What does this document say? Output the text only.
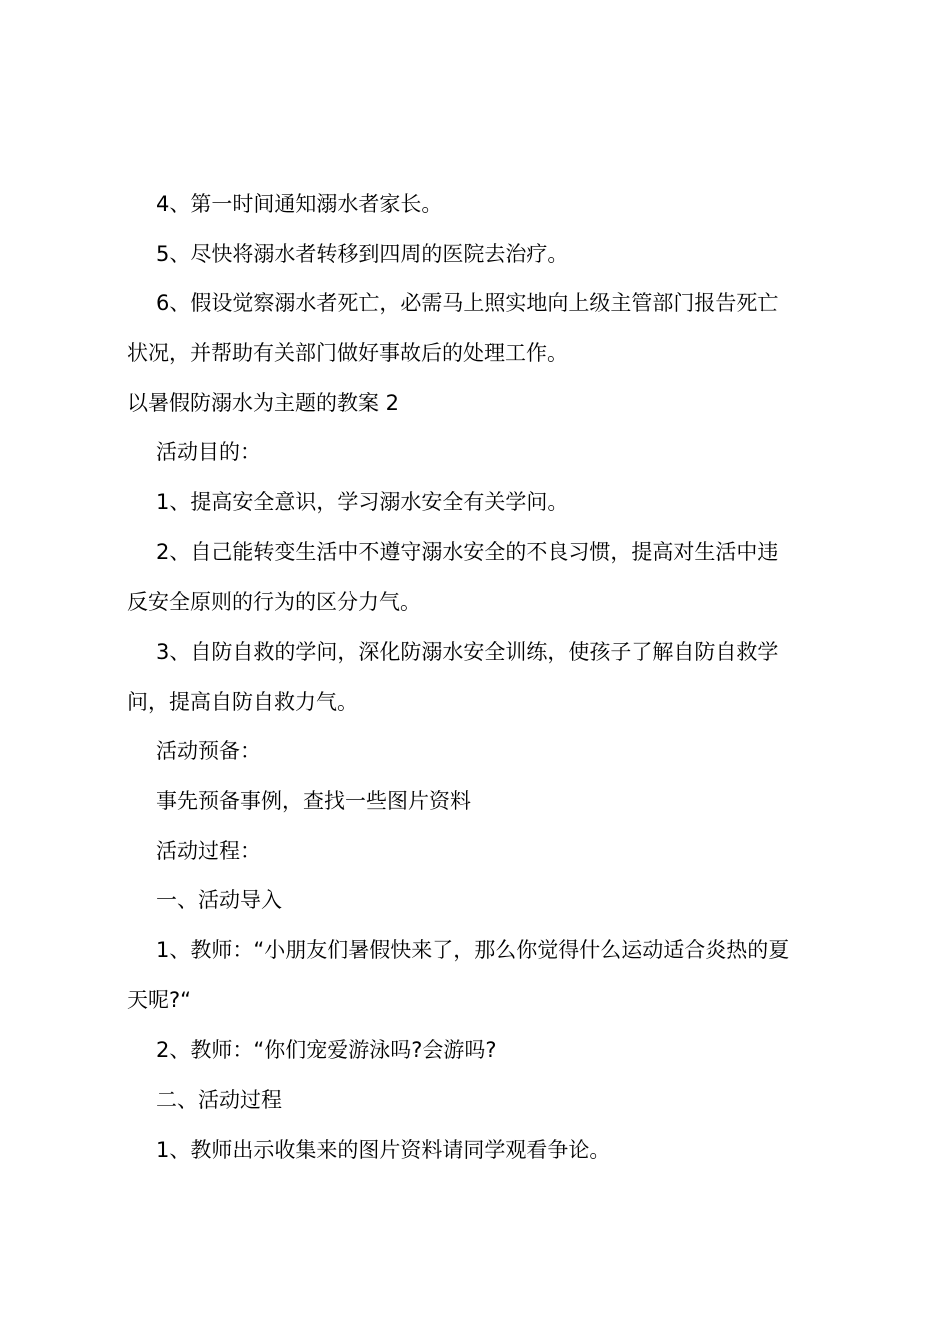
4、第一时间通知溺水者家长。
5、尽快将溺水者转移到四周的医院去治疗。
6、假设觉察溺水者死亡，必需马上照实地向上级主管部门报告死亡
状况，并帮助有关部门做好事故后的处理工作。
以暑假防溺水为主题的教案 2
活动目的：
1、提高安全意识，学习溺水安全有关学问。
2、自己能转变生活中不遵守溺水安全的不良习惯，提高对生活中违
反安全原则的行为的区分力气。
3、自防自救的学问，深化防溺水安全训练，使孩子了解自防自救学
问，提高自防自救力气。
活动预备：
事先预备事例，查找一些图片资料
活动过程：
一、活动导入
1、教师：“小朋友们暑假快来了，那么你觉得什么运动适合炎热的夏
天呢?“
2、教师：“你们宠爱游泳吗?会游吗?
二、活动过程
1、教师出示收集来的图片资料请同学观看争论。
